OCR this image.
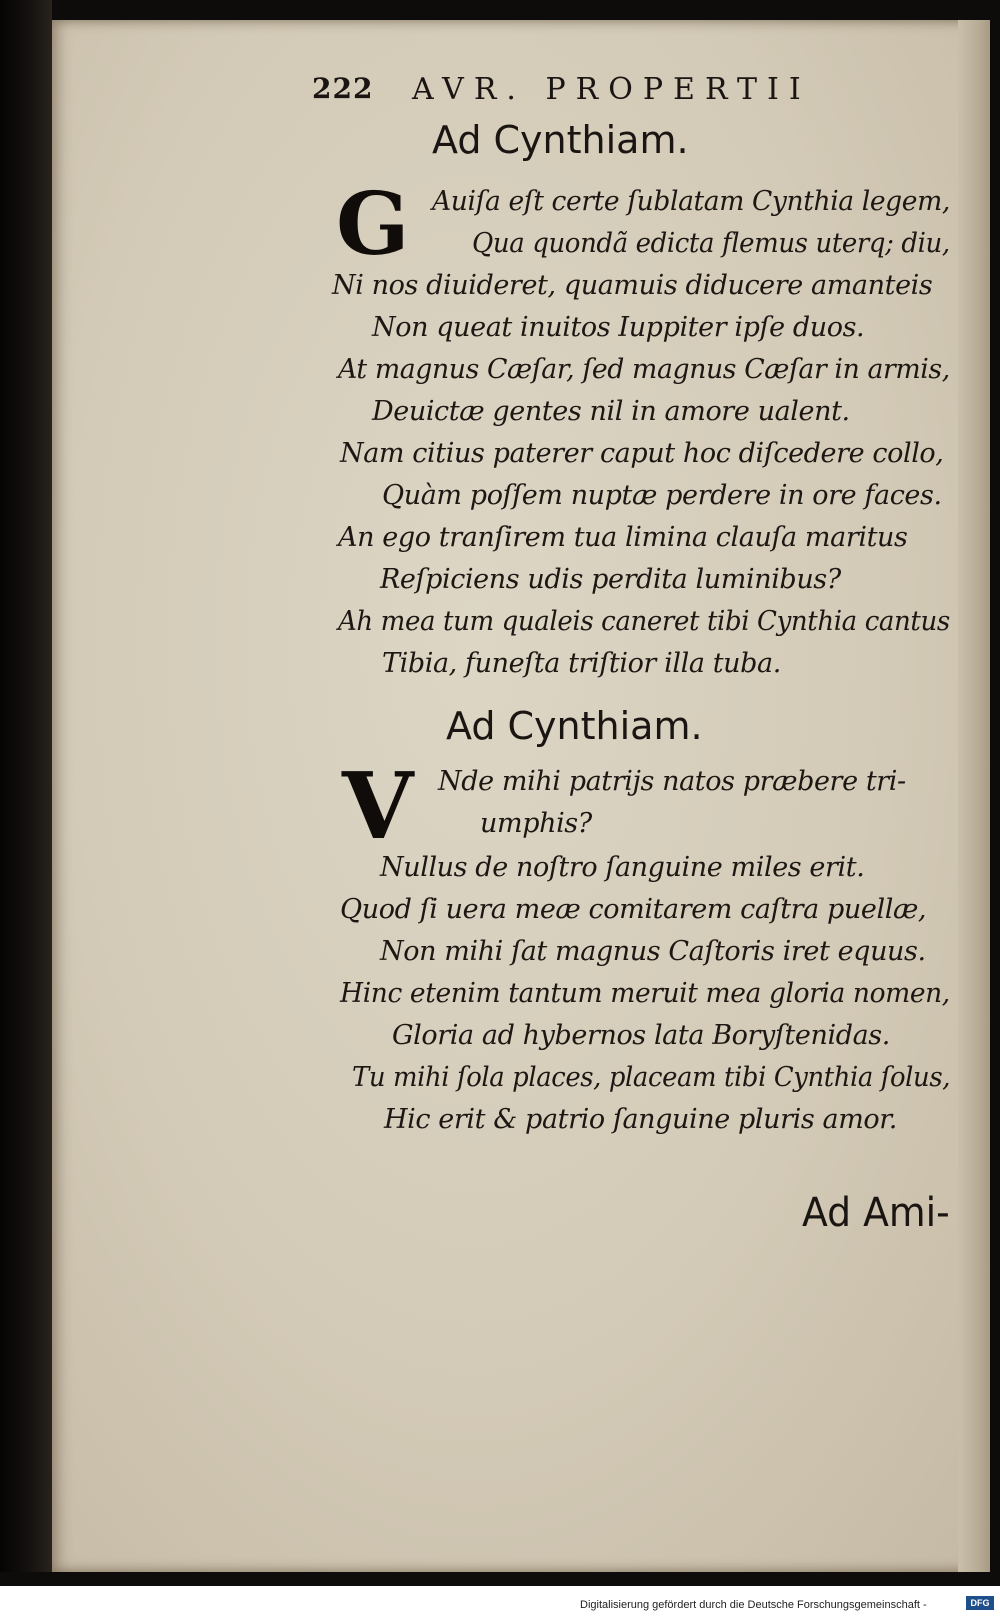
222 AVR. PROPERTII
Ad Cynthiam.
G Auiſa eſt certe ſublatam Cynthia legem,
Qua quondã edicta flemus uterq; diu,
Ni nos diuideret, quamuis diducere amanteis
Non queat inuitos Iuppiter ipſe duos.
At magnus Cæſar, ſed magnus Cæſar in armis,
Deuictæ gentes nil in amore ualent.
Nam citius paterer caput hoc diſcedere collo,
Quàm poſſem nuptæ perdere in ore faces.
An ego tranſirem tua limina clauſa maritus
Reſpiciens udis perdita luminibus?
Ah mea tum qualeis caneret tibi Cynthia cantus
Tibia, funeſta triſtior illa tuba.
Ad Cynthiam.
V Nde mihi patrijs natos præbere tri-
umphis?
Nullus de noſtro ſanguine miles erit.
Quod ſi uera meæ comitarem caſtra puellæ,
Non mihi ſat magnus Caſtoris iret equus.
Hinc etenim tantum meruit mea gloria nomen,
Gloria ad hybernos lata Boryſtenidas.
Tu mihi ſola places, placeam tibi Cynthia ſolus,
Hic erit & patrio ſanguine pluris amor.
Ad Ami-
Digitalisierung gefördert durch die Deutsche Forschungsgemeinschaft -	DFG
